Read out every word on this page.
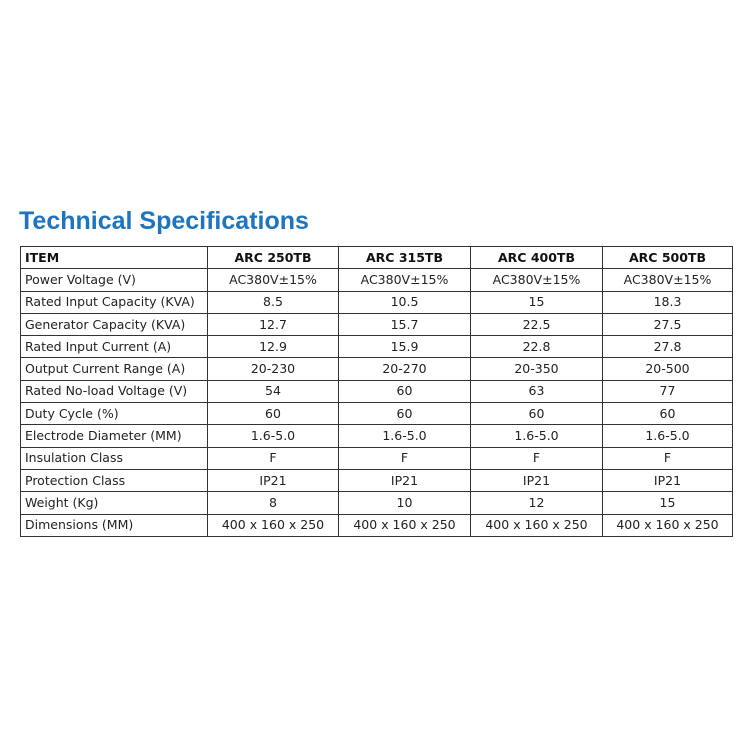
Technical Specifications
ITEM	ARC 250TB	ARC 315TB	ARC 400TB	ARC 500TB
Power Voltage (V)	AC380V±15%	AC380V±15%	AC380V±15%	AC380V±15%
Rated Input Capacity (KVA)	8.5	10.5	15	18.3
Generator Capacity (KVA)	12.7	15.7	22.5	27.5
Rated Input Current (A)	12.9	15.9	22.8	27.8
Output Current Range (A)	20-230	20-270	20-350	20-500
Rated No-load Voltage (V)	54	60	63	77
Duty Cycle (%)	60	60	60	60
Electrode Diameter (MM)	1.6-5.0	1.6-5.0	1.6-5.0	1.6-5.0
Insulation Class	F	F	F	F
Protection Class	IP21	IP21	IP21	IP21
Weight (Kg)	8	10	12	15
Dimensions (MM)	400 x 160 x 250	400 x 160 x 250	400 x 160 x 250	400 x 160 x 250
